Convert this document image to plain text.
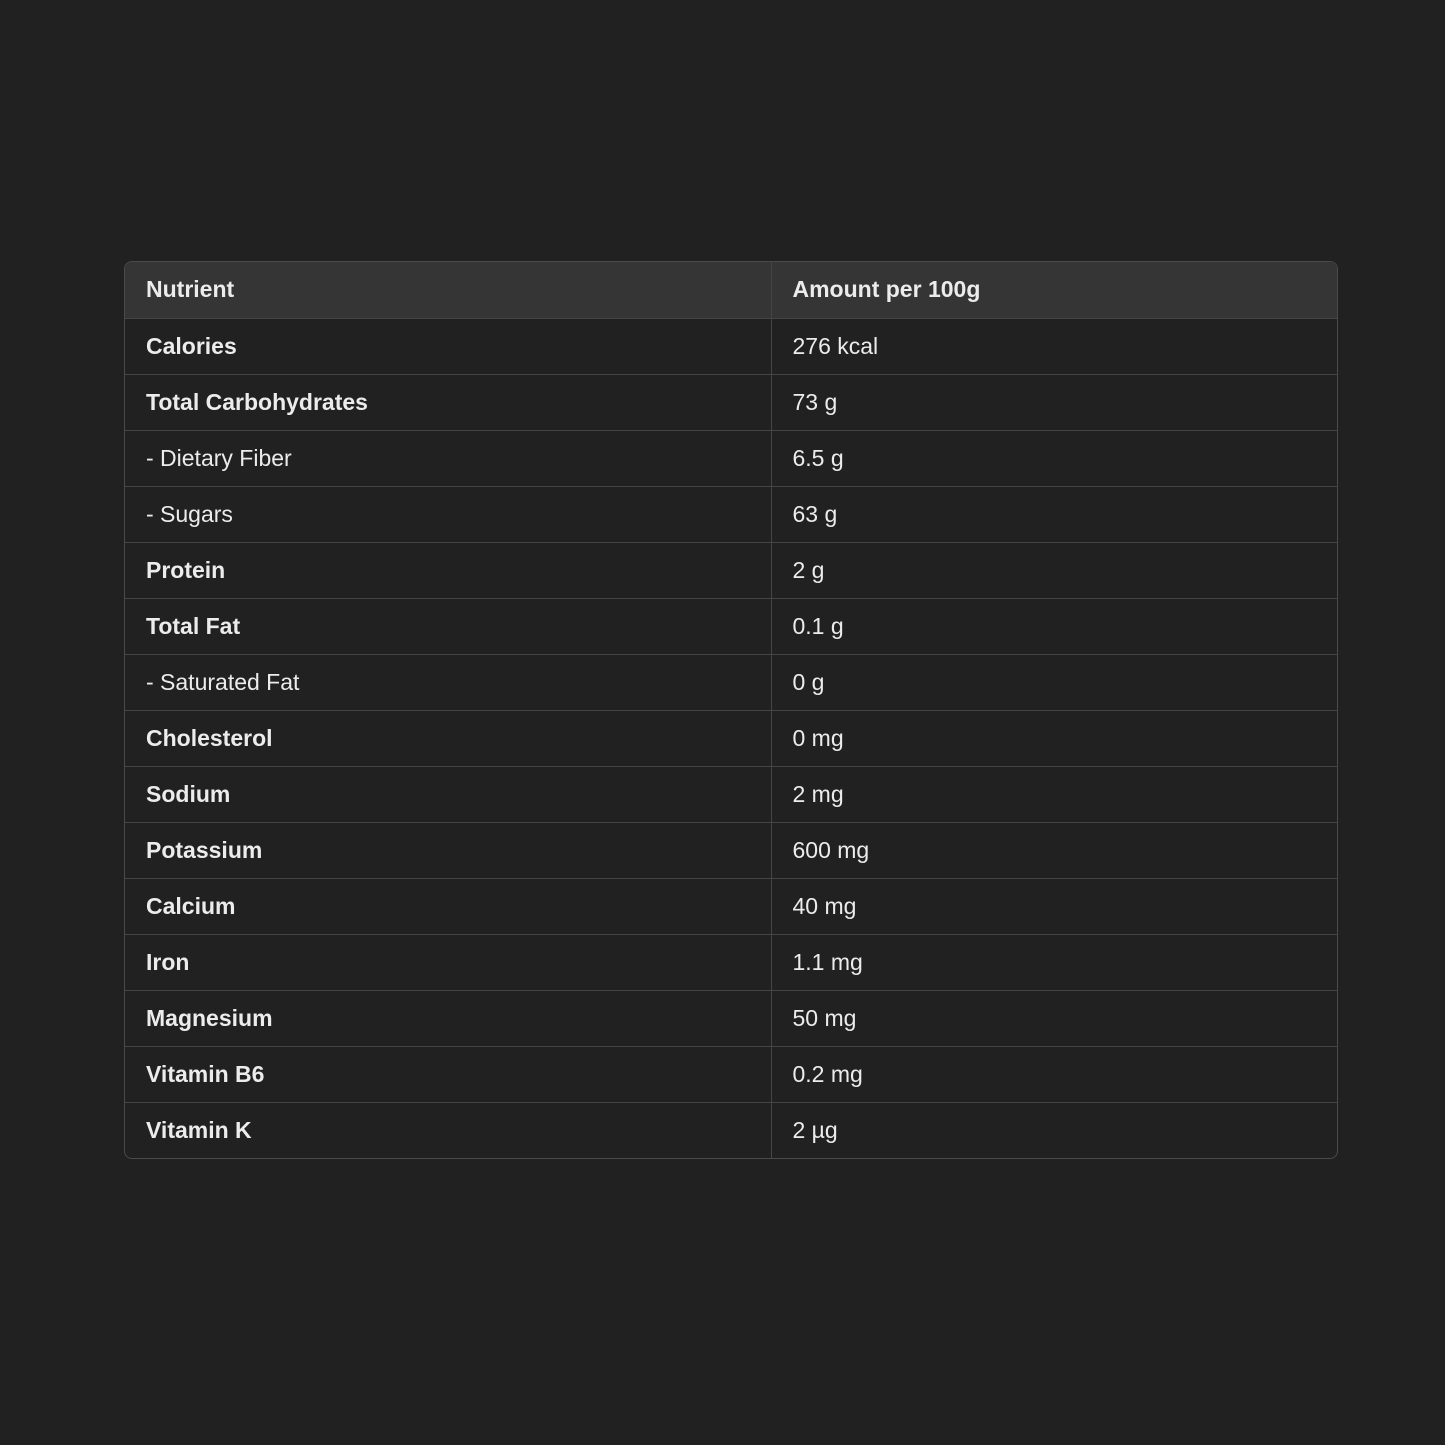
Nutrient	Amount per 100g
Calories	276 kcal
Total Carbohydrates	73 g
- Dietary Fiber	6.5 g
- Sugars	63 g
Protein	2 g
Total Fat	0.1 g
- Saturated Fat	0 g
Cholesterol	0 mg
Sodium	2 mg
Potassium	600 mg
Calcium	40 mg
Iron	1.1 mg
Magnesium	50 mg
Vitamin B6	0.2 mg
Vitamin K	2 µg
